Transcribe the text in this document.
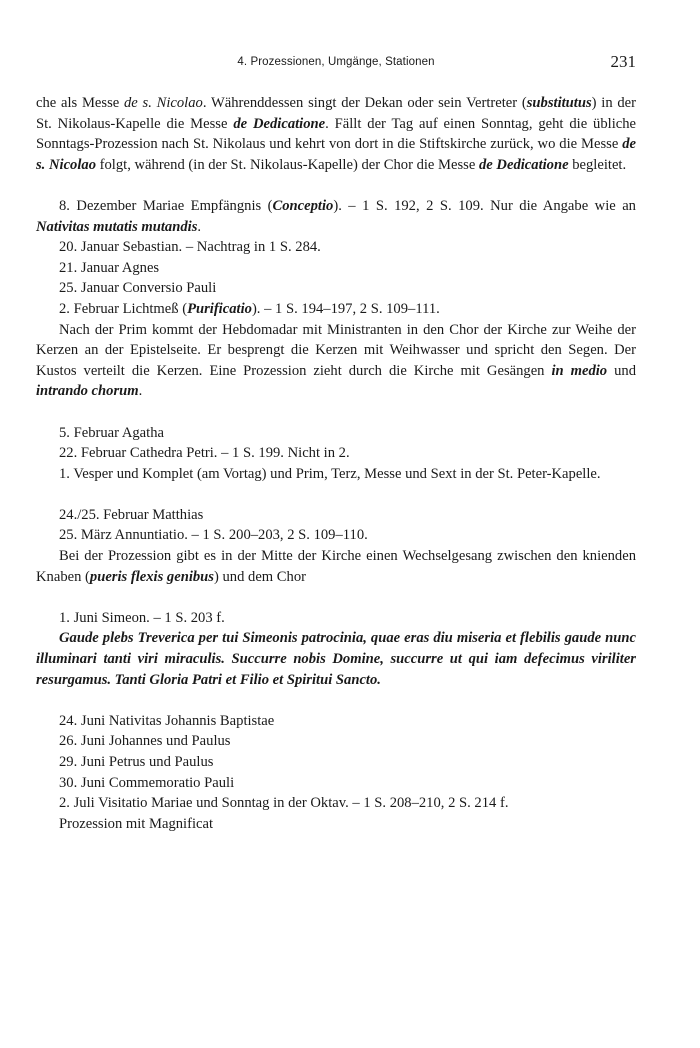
4. Prozessionen, Umgänge, Stationen	231

che als Messe de s. Nicolao. Währenddessen singt der Dekan oder sein Vertreter (substitutus) in der St. Nikolaus-Kapelle die Messe de Dedicatione. Fällt der Tag auf einen Sonntag, geht die übliche Sonntags-Prozession nach St. Nikolaus und kehrt von dort in die Stiftskirche zurück, wo die Messe de s. Nicolao folgt, während (in der St. Nikolaus-Kapelle) der Chor die Messe de Dedicatione begleitet.

8. Dezember Mariae Empfängnis (Conceptio). – 1 S. 192, 2 S. 109. Nur die Angabe wie an Nativitas mutatis mutandis.

20. Januar Sebastian. – Nachtrag in 1 S. 284.

21. Januar Agnes

25. Januar Conversio Pauli

2. Februar Lichtmeß (Purificatio). – 1 S. 194–197, 2 S. 109–111.

Nach der Prim kommt der Hebdomadar mit Ministranten in den Chor der Kirche zur Weihe der Kerzen an der Epistelseite. Er besprengt die Kerzen mit Weihwasser und spricht den Segen. Der Kustos verteilt die Kerzen. Eine Prozession zieht durch die Kirche mit Gesängen in medio und intrando chorum.

5. Februar Agatha

22. Februar Cathedra Petri. – 1 S. 199. Nicht in 2.

1. Vesper und Komplet (am Vortag) und Prim, Terz, Messe und Sext in der St. Peter-Kapelle.

24./25. Februar Matthias

25. März Annuntiatio. – 1 S. 200–203, 2 S. 109–110.

Bei der Prozession gibt es in der Mitte der Kirche einen Wechselgesang zwischen den knienden Knaben (pueris flexis genibus) und dem Chor

1. Juni Simeon. – 1 S. 203 f.

Gaude plebs Treverica per tui Simeonis patrocinia, quae eras diu miseria et flebilis gaude nunc illuminari tanti viri miraculis. Succurre nobis Domine, succurre ut qui iam defecimus viriliter resurgamus. Tanti Gloria Patri et Filio et Spiritui Sancto.

24. Juni Nativitas Johannis Baptistae

26. Juni Johannes und Paulus

29. Juni Petrus und Paulus

30. Juni Commemoratio Pauli

2. Juli Visitatio Mariae und Sonntag in der Oktav. – 1 S. 208–210, 2 S. 214 f.

Prozession mit Magnificat
